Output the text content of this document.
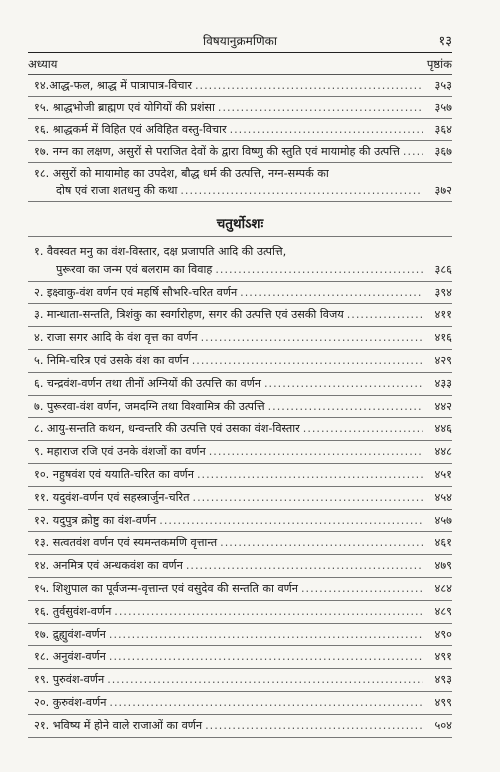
विषयानुक्रमणिका	१३
अध्याय	पृष्ठांक
१४.आद्ध-फल, श्राद्ध में पात्रापात्र-विचार .....	३५३
१५. श्राद्धभोजी ब्राह्मण एवं योगियों की प्रशंसा .....	३५७
१६. श्राद्धकर्म में विहित एवं अविहित वस्तु-विचार .....	३६४
१७. नग्न का लक्षण, असुरों से पराजित देवों के द्वारा विष्णु की स्तुति एवं मायामोह की उत्पत्ति .....	३६७
१८. असुरों को मायामोह का उपदेश, बौद्ध धर्म की उत्पत्ति, नग्न-सम्पर्क का
दोष एवं राजा शतधनु की कथा .....	३७२
चतुर्थोऽशः
१. वैवस्वत मनु का वंश-विस्तार, दक्ष प्रजापति आदि की उत्पत्ति,
पुरूरवा का जन्म एवं बलराम का विवाह .....	३८६
२. इक्ष्वाकु-वंश वर्णन एवं महर्षि सौभरि-चरित वर्णन .....	३९४
३. मान्धाता-सन्तति, त्रिशंकु का स्वर्गारोहण, सगर की उत्पत्ति एवं उसकी विजय .....	४११
४. राजा सगर आदि के वंश वृत्त का वर्णन .....	४१६
५. निमि-चरित्र एवं उसके वंश का वर्णन .....	४२९
६. चन्द्रवंश-वर्णन तथा तीनों अग्नियों की उत्पत्ति का वर्णन .....	४३३
७. पुरूरवा-वंश वर्णन, जमदग्नि तथा विश्वामित्र की उत्पत्ति .....	४४२
८. आयु-सन्तति कथन, धन्वन्तरि की उत्पत्ति एवं उसका वंश-विस्तार .....	४४६
९. महाराज रजि एवं उनके वंशजों का वर्णन .....	४४८
१०. नहुषवंश एवं ययाति-चरित का वर्णन .....	४५१
११. यदुवंश-वर्णन एवं सहस्त्रार्जुन-चरित .....	४५४
१२. यदुपुत्र क्रोष्टु का वंश-वर्णन .....	४५७
१३. सत्वतवंश वर्णन एवं स्यमन्तकमणि वृत्तान्त .....	४६१
१४. अनमित्र एवं अन्धकवंश का वर्णन .....	४७९
१५. शिशुपाल का पूर्वजन्म-वृत्तान्त एवं वसुदेव की सन्तति का वर्णन .....	४८४
१६. तुर्वसुवंश-वर्णन .....	४८९
१७. द्रुह्युवंश-वर्णन .....	४९०
१८. अनुवंश-वर्णन .....	४९१
१९. पुरुवंश-वर्णन .....	४९३
२०. कुरुवंश-वर्णन .....	४९९
२१. भविष्य में होने वाले राजाओं का वर्णन .....	५०४
